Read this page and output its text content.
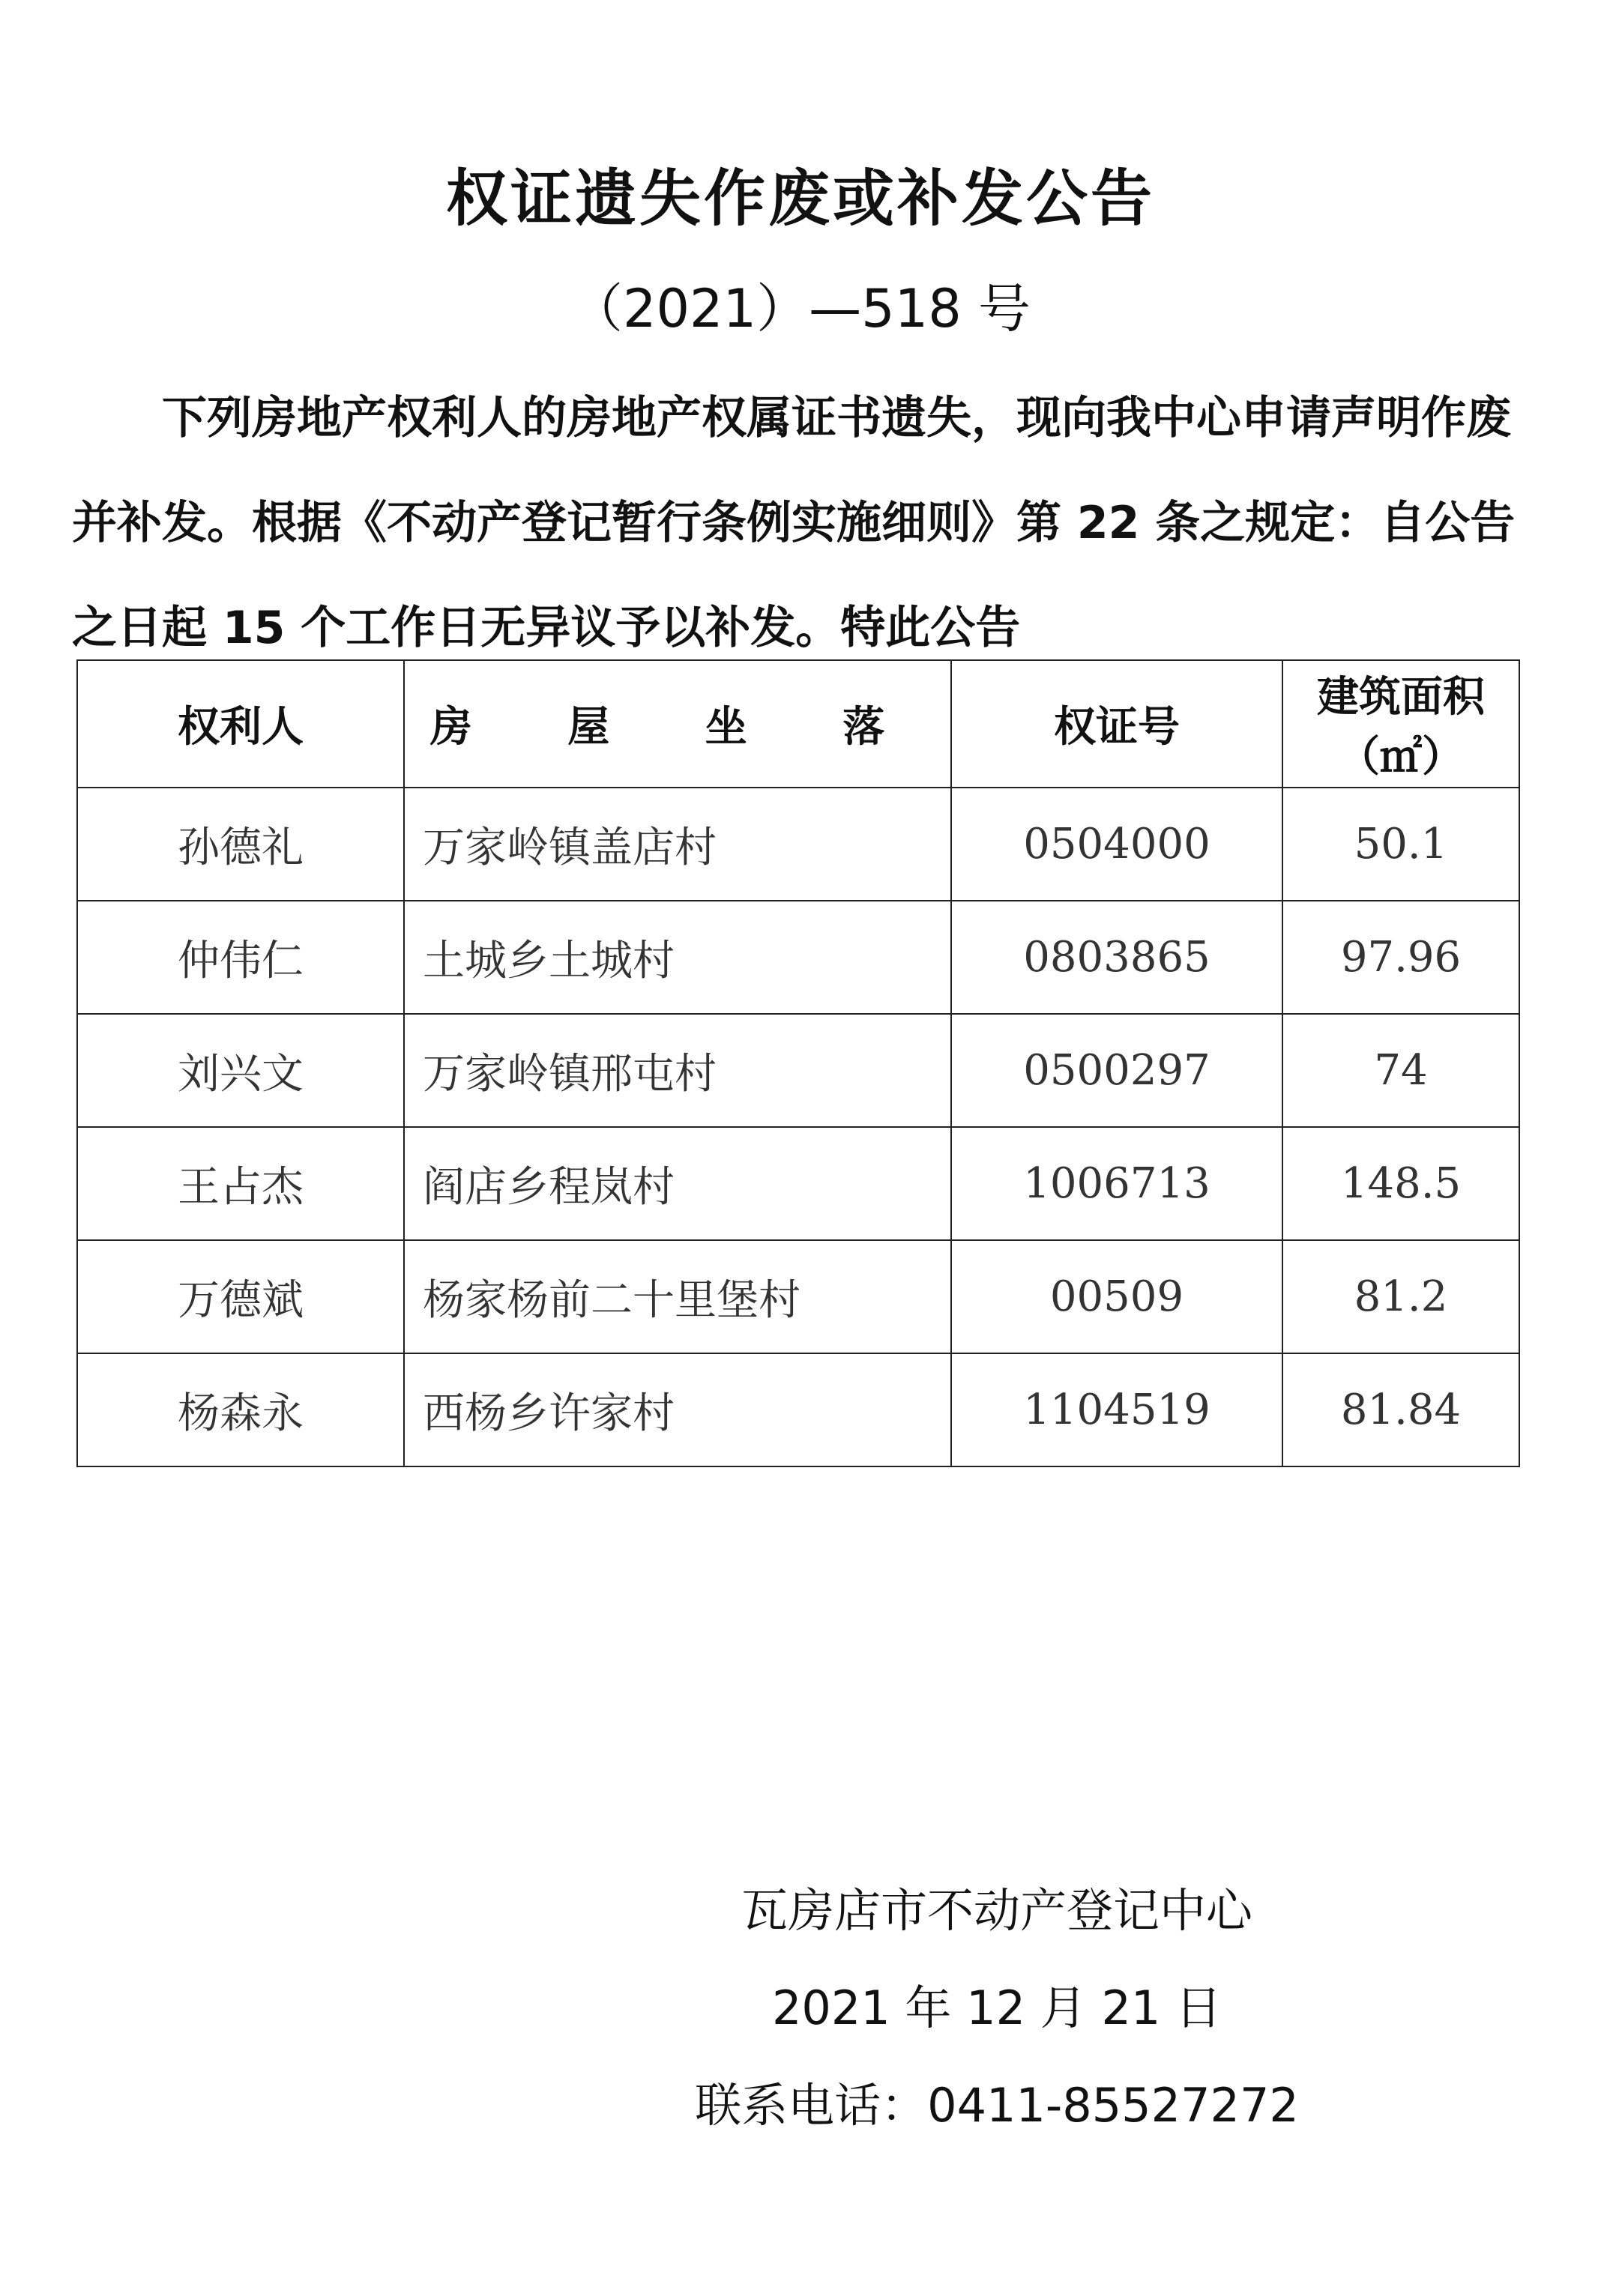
权证遗失作废或补发公告
（2021）—518 号
下列房地产权利人的房地产权属证书遗失，现向我中心申请声明作废并补发。根据《不动产登记暂行条例实施细则》第 22 条之规定：自公告之日起 15 个工作日无异议予以补发。特此公告
权利人	房 屋 坐 落	权证号	建筑面积
（㎡）

孙德礼	万家岭镇盖店村	0504000	50.1
仲伟仁	土城乡土城村	0803865	97.96
刘兴文	万家岭镇邢屯村	0500297	74
王占杰	阎店乡程岚村	1006713	148.5
万德斌	杨家杨前二十里堡村	00509	81.2
杨森永	西杨乡许家村	1104519	81.84
瓦房店市不动产登记中心
2021 年 12 月 21 日
联系电话：0411-85527272
